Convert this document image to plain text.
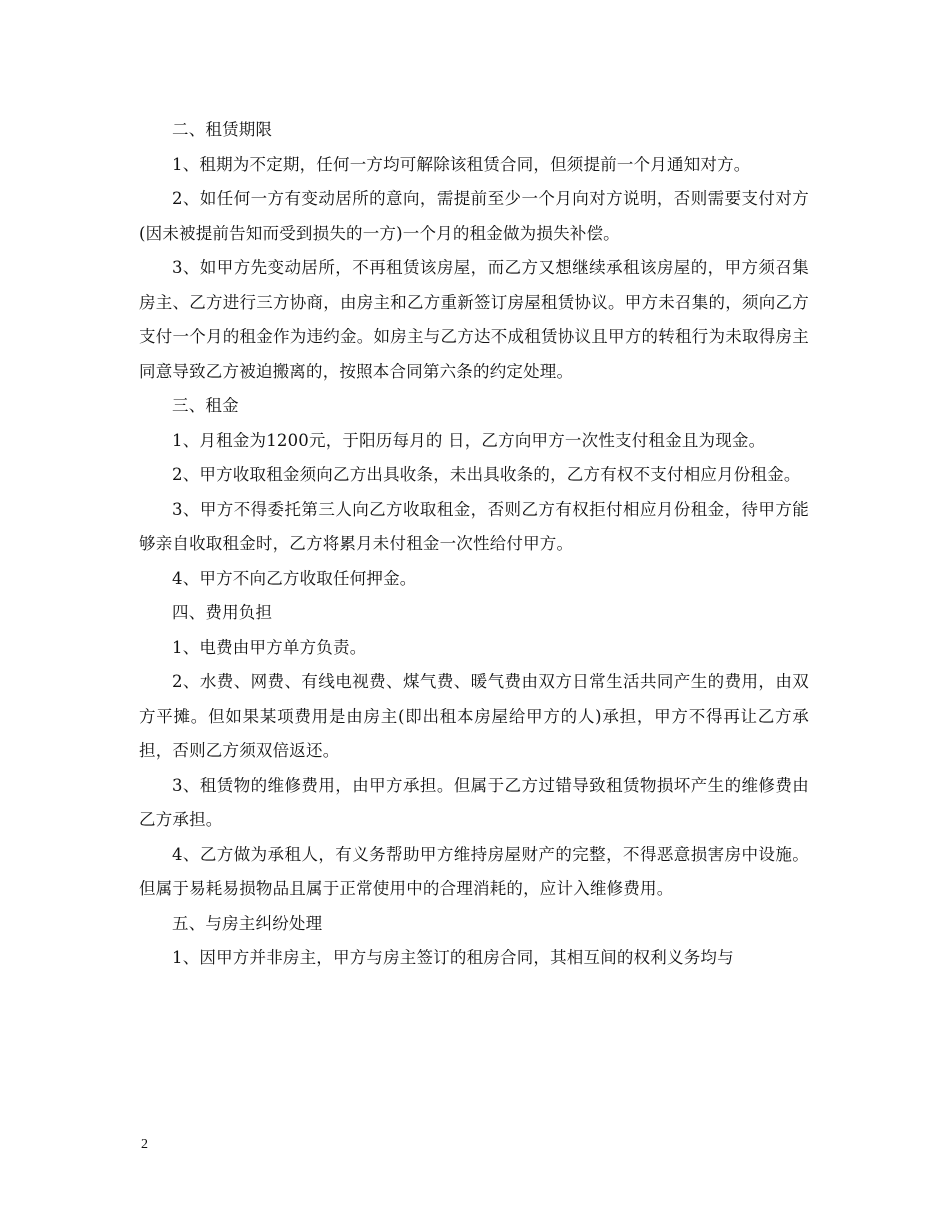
二、租赁期限

1、租期为不定期，任何一方均可解除该租赁合同，但须提前一个月通知对方。

2、如任何一方有变动居所的意向，需提前至少一个月向对方说明，否则需要支付对方(因未被提前告知而受到损失的一方)一个月的租金做为损失补偿。

3、如甲方先变动居所，不再租赁该房屋，而乙方又想继续承租该房屋的，甲方须召集房主、乙方进行三方协商，由房主和乙方重新签订房屋租赁协议。甲方未召集的，须向乙方支付一个月的租金作为违约金。如房主与乙方达不成租赁协议且甲方的转租行为未取得房主同意导致乙方被迫搬离的，按照本合同第六条的约定处理。

三、租金

1、月租金为1200元，于阳历每月的 日，乙方向甲方一次性支付租金且为现金。

2、甲方收取租金须向乙方出具收条，未出具收条的，乙方有权不支付相应月份租金。

3、甲方不得委托第三人向乙方收取租金，否则乙方有权拒付相应月份租金，待甲方能够亲自收取租金时，乙方将累月未付租金一次性给付甲方。

4、甲方不向乙方收取任何押金。

四、费用负担

1、电费由甲方单方负责。

2、水费、网费、有线电视费、煤气费、暖气费由双方日常生活共同产生的费用，由双方平摊。但如果某项费用是由房主(即出租本房屋给甲方的人)承担，甲方不得再让乙方承担，否则乙方须双倍返还。

3、租赁物的维修费用，由甲方承担。但属于乙方过错导致租赁物损坏产生的维修费由乙方承担。

4、乙方做为承租人，有义务帮助甲方维持房屋财产的完整，不得恶意损害房中设施。但属于易耗易损物品且属于正常使用中的合理消耗的，应计入维修费用。

五、与房主纠纷处理

1、因甲方并非房主，甲方与房主签订的租房合同，其相互间的权利义务均与

2
